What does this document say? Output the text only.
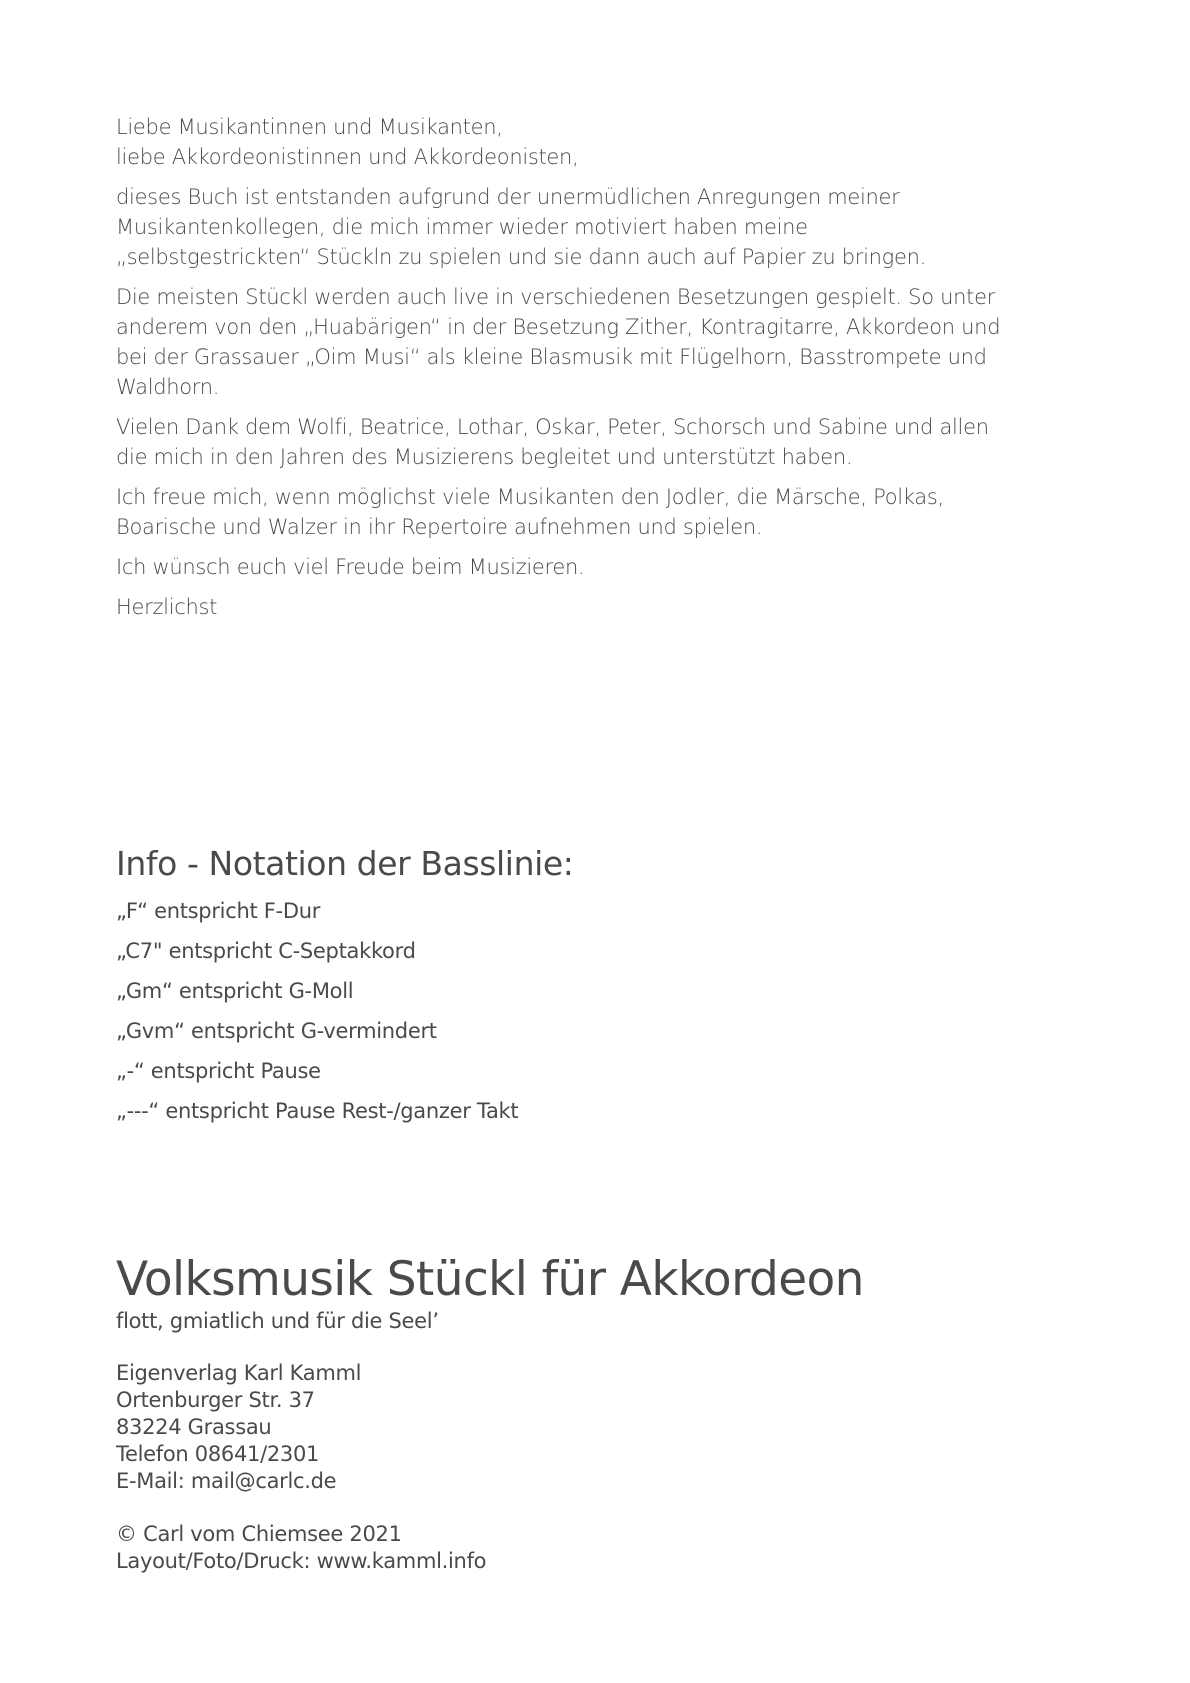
Liebe Musikantinnen und Musikanten,
liebe Akkordeonistinnen und Akkordeonisten,

dieses Buch ist entstanden aufgrund der unermüdlichen Anregungen meiner
Musikantenkollegen, die mich immer wieder motiviert haben meine
„selbstgestrickten“ Stückln zu spielen und sie dann auch auf Papier zu bringen.

Die meisten Stückl werden auch live in verschiedenen Besetzungen gespielt. So unter
anderem von den „Huabärigen“ in der Besetzung Zither, Kontragitarre, Akkordeon und
bei der Grassauer „Oim Musi“ als kleine Blasmusik mit Flügelhorn, Basstrompete und
Waldhorn.

Vielen Dank dem Wolfi, Beatrice, Lothar, Oskar, Peter, Schorsch und Sabine und allen
die mich in den Jahren des Musizierens begleitet und unterstützt haben.

Ich freue mich, wenn möglichst viele Musikanten den Jodler, die Märsche, Polkas,
Boarische und Walzer in ihr Repertoire aufnehmen und spielen.

Ich wünsch euch viel Freude beim Musizieren.

Herzlichst

Info - Notation der Basslinie:
„F“ entspricht F-Dur
„C7" entspricht C-Septakkord
„Gm“ entspricht G-Moll
„Gvm“ entspricht G-vermindert
„-“ entspricht Pause
„---“ entspricht Pause Rest-/ganzer Takt
Volksmusik Stückl für Akkordeon
flott, gmiatlich und für die Seel’
Eigenverlag Karl Kamml
Ortenburger Str. 37
83224 Grassau
Telefon 08641/2301
E-Mail: mail@carlc.de
© Carl vom Chiemsee 2021
Layout/Foto/Druck: www.kamml.info
